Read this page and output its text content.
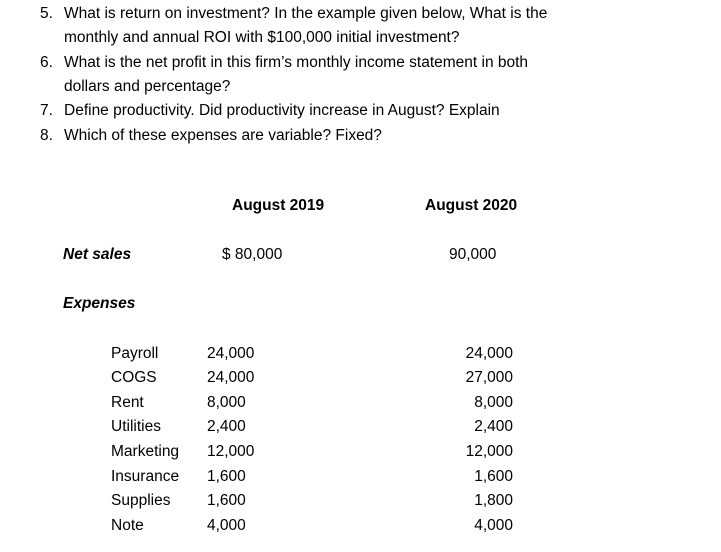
5. What is return on investment? In the example given below, What is the
monthly and annual ROI with $100,000 initial investment?
6. What is the net profit in this firm’s monthly income statement in both
dollars and percentage?
7. Define productivity. Did productivity increase in August? Explain
8. Which of these expenses are variable? Fixed?
August 2019	August 2020
Net sales	$ 80,000	90,000
Expenses
Payroll	24,000	24,000
COGS	24,000	27,000
Rent	8,000	8,000
Utilities	2,400	2,400
Marketing 12,000	12,000
Insurance 1,600	1,600
Supplies 1,600	1,800
Note	4,000	4,000
